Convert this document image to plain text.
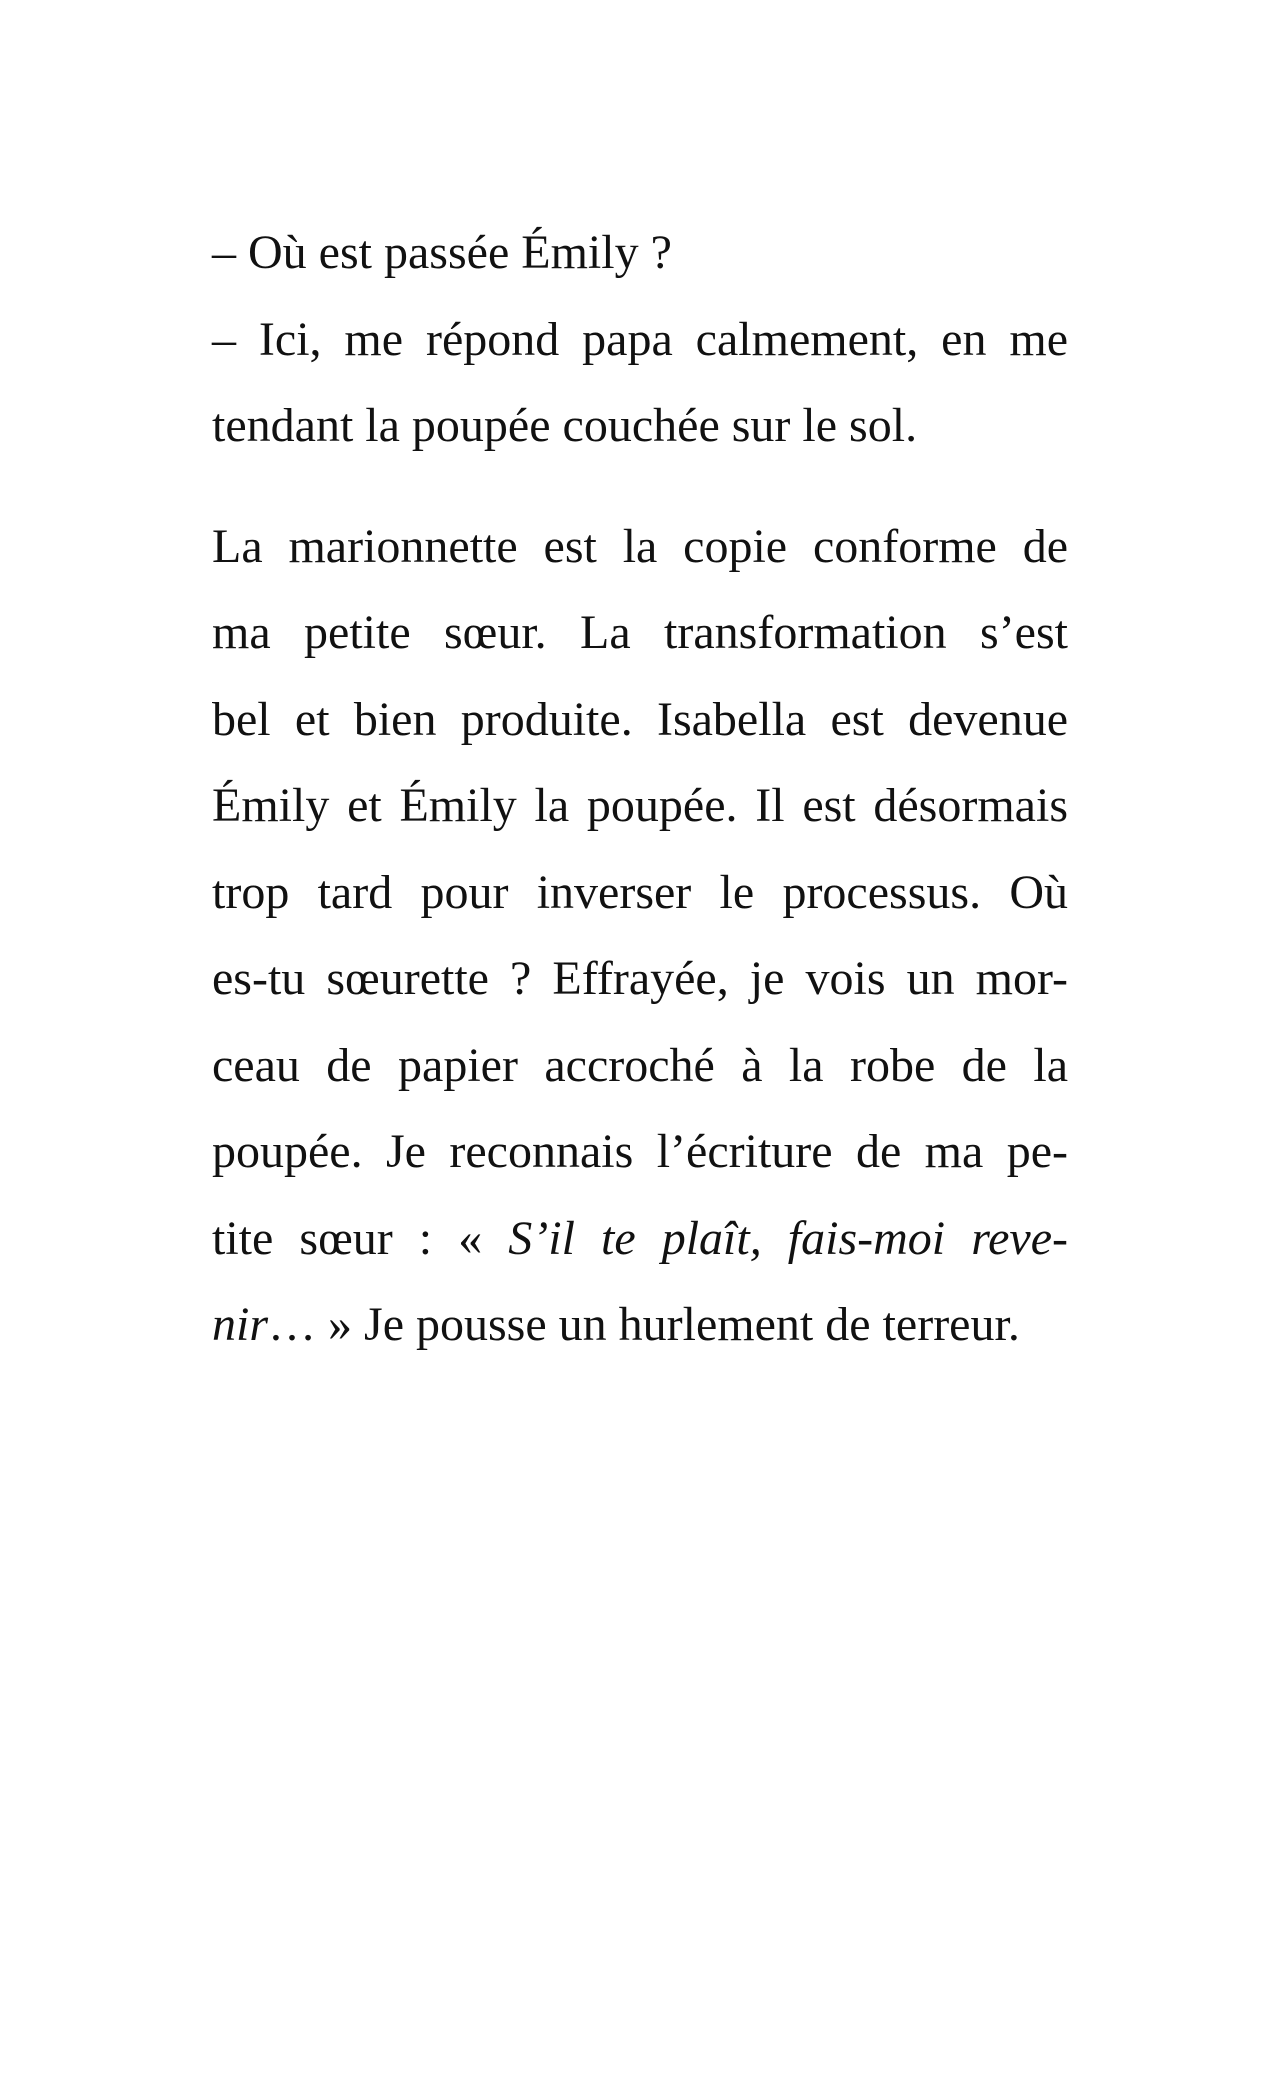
– Où est passée Émily ?
– Ici, me répond papa calmement, en me
tendant la poupée couchée sur le sol.
La marionnette est la copie conforme de
ma petite sœur. La transformation s’est
bel et bien produite. Isabella est devenue
Émily et Émily la poupée. Il est désormais
trop tard pour inverser le processus. Où
es-tu sœurette ? Effrayée, je vois un mor-
ceau de papier accroché à la robe de la
poupée. Je reconnais l’écriture de ma pe-
tite sœur : « S’il te plaît, fais-moi reve-
nir… » Je pousse un hurlement de terreur.
